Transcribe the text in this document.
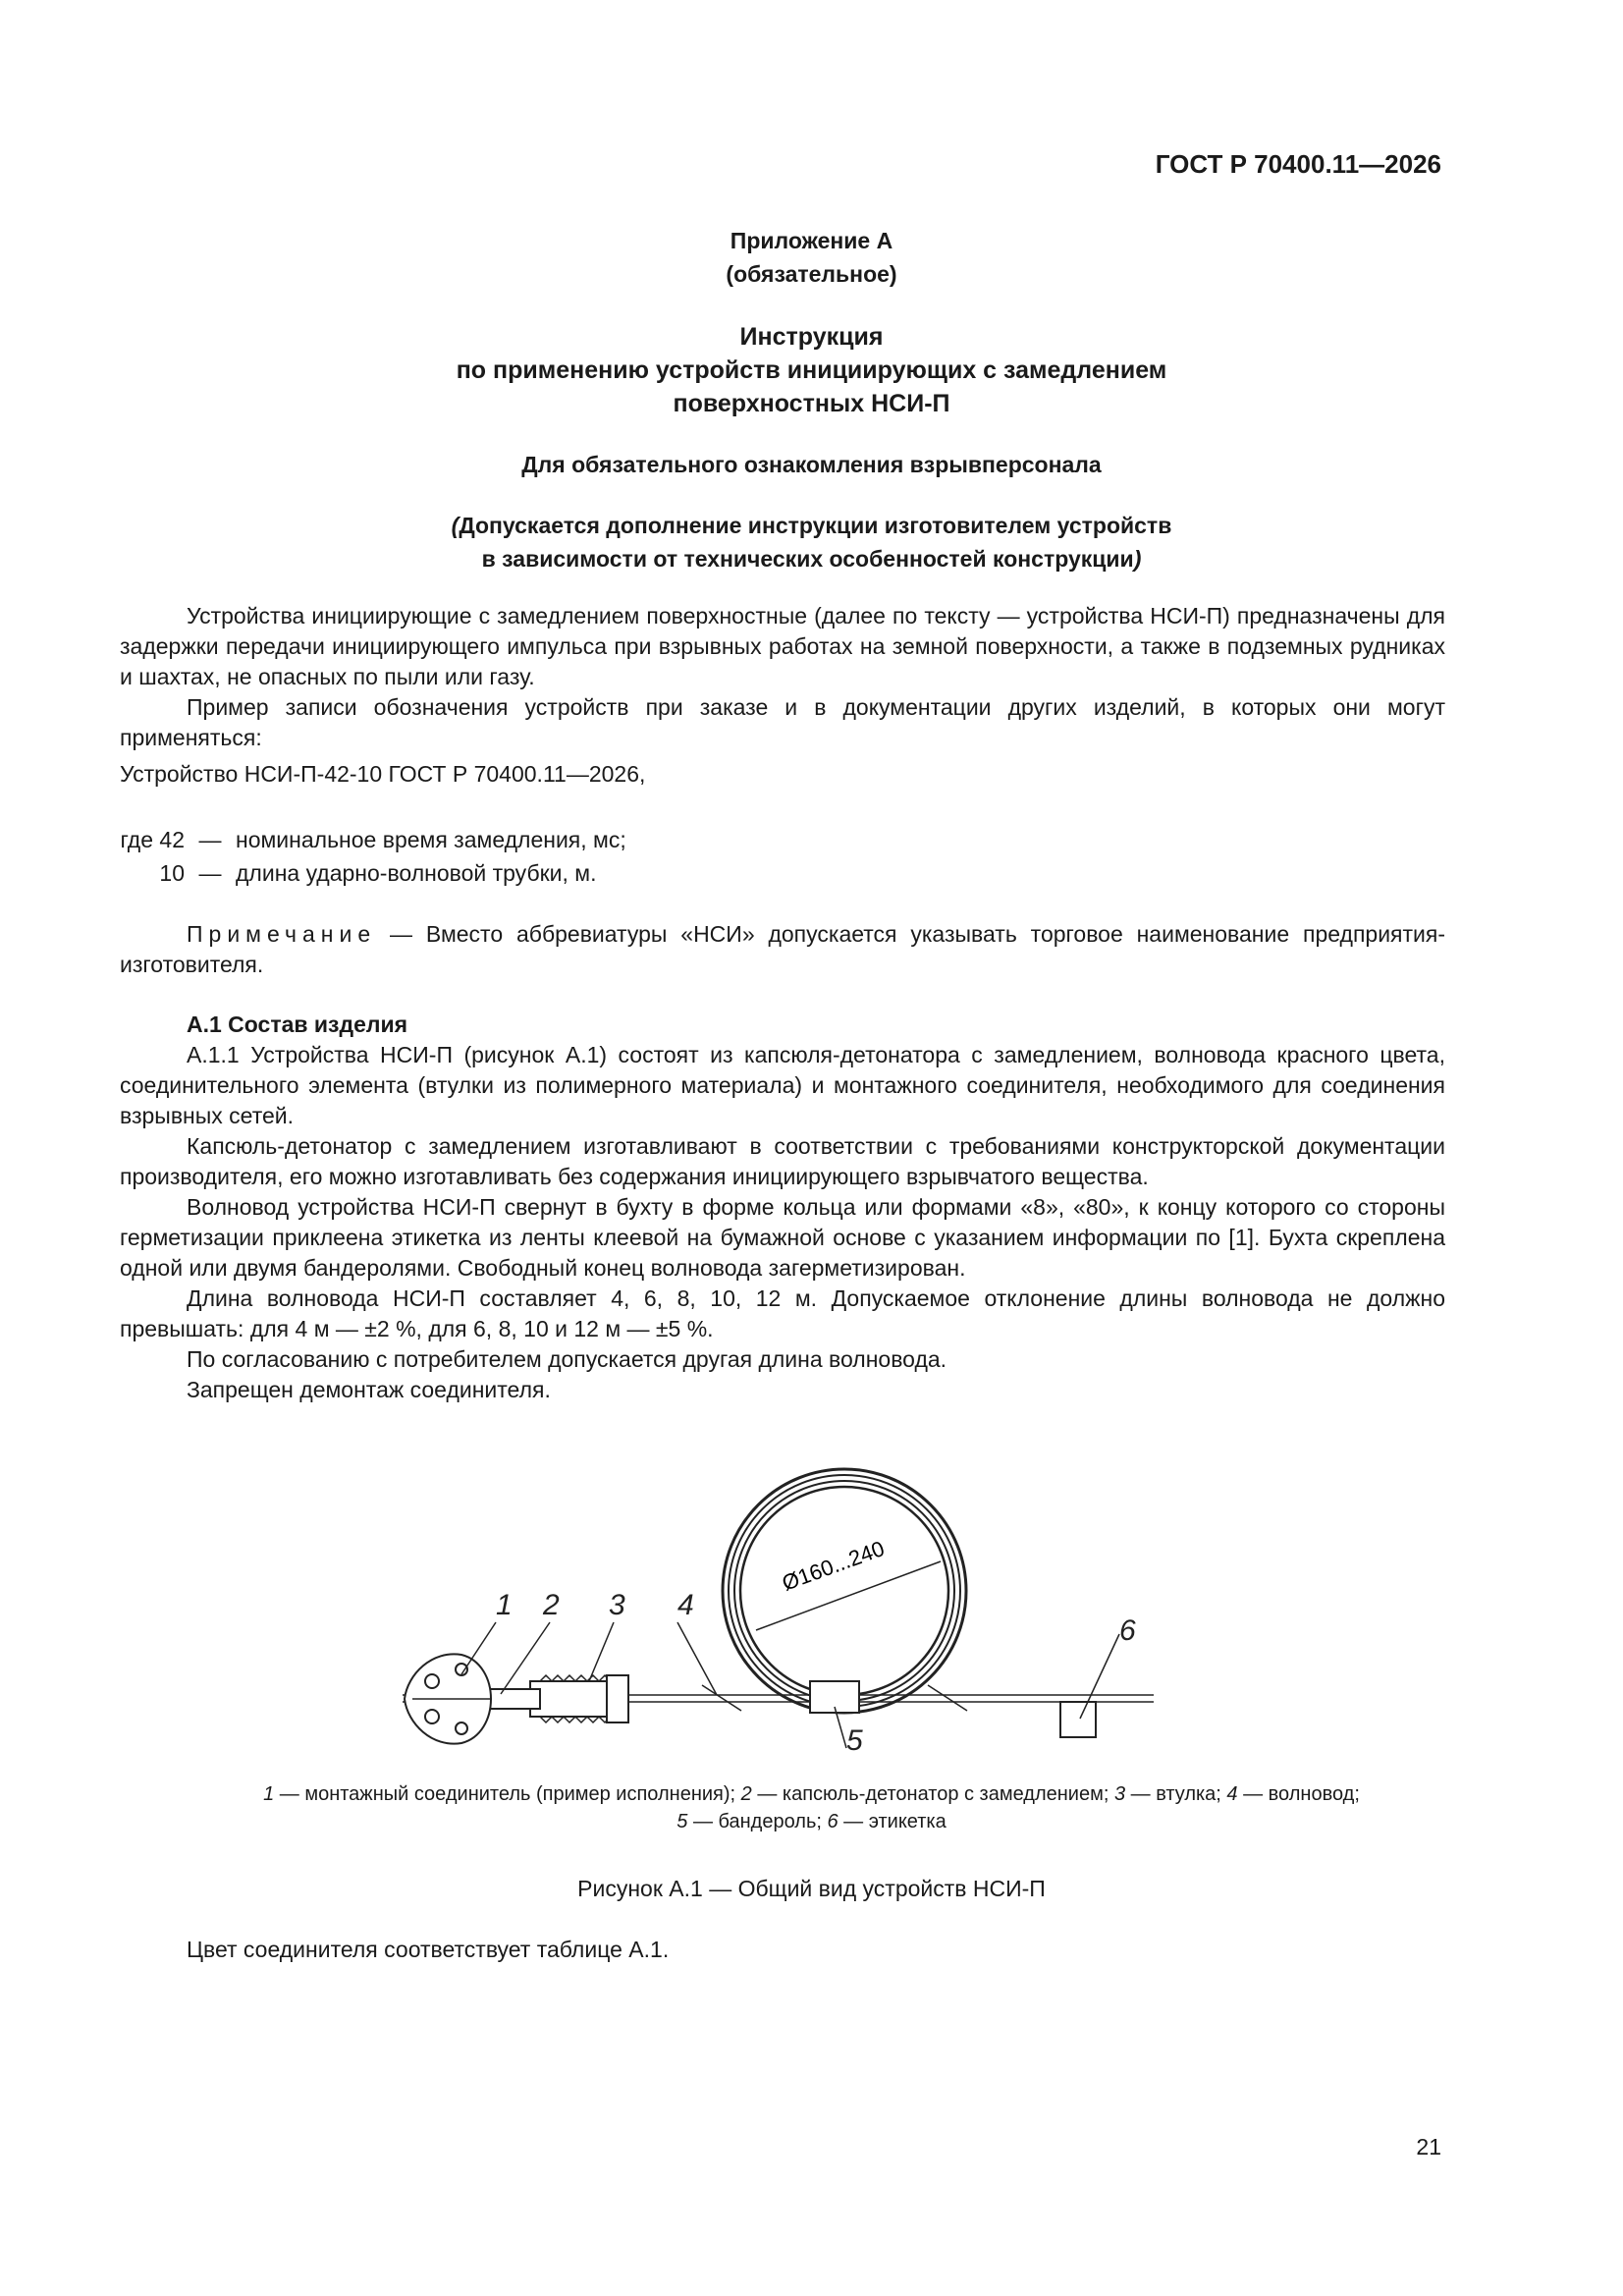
ГОСТ Р 70400.11—2026
Приложение А
(обязательное)
Инструкция
по применению устройств инициирующих с замедлением
поверхностных НСИ-П
Для обязательного ознакомления взрывперсонала
(Допускается дополнение инструкции изготовителем устройств
в зависимости от технических особенностей конструкции)

Устройства инициирующие с замедлением поверхностные (далее по тексту — устройства НСИ-П) предназначены для задержки передачи инициирующего импульса при взрывных работах на земной поверхности, а также в подземных рудниках и шахтах, не опасных по пыли или газу.

Пример записи обозначения устройств при заказе и в документации других изделий, в которых они могут применяться:

Устройство НСИ-П-42-10 ГОСТ Р 70400.11—2026,

где 42 — номинальное время замедления, мс;
10 — длина ударно-волновой трубки, м.

Примечание — Вместо аббревиатуры «НСИ» допускается указывать торговое наименование предприятия-изготовителя.

А.1 Состав изделия

А.1.1 Устройства НСИ-П (рисунок А.1) состоят из капсюля-детонатора с замедлением, волновода красного цвета, соединительного элемента (втулки из полимерного материала) и монтажного соединителя, необходимого для соединения взрывных сетей.

Капсюль-детонатор с замедлением изготавливают в соответствии с требованиями конструкторской документации производителя, его можно изготавливать без содержания инициирующего взрывчатого вещества.

Волновод устройства НСИ-П свернут в бухту в форме кольца или формами «8», «80», к концу которого со стороны герметизации приклеена этикетка из ленты клеевой на бумажной основе с указанием информации по [1]. Бухта скреплена одной или двумя бандеролями. Свободный конец волновода загерметизирован.

Длина волновода НСИ-П составляет 4, 6, 8, 10, 12 м. Допускаемое отклонение длины волновода не должно превышать: для 4 м — ±2 %, для 6, 8, 10 и 12 м — ±5 %.

По согласованию с потребителем допускается другая длина волновода.

Запрещен демонтаж соединителя.

Ø160...240
1 2 3 4
5
6
1 — монтажный соединитель (пример исполнения); 2 — капсюль-детонатор с замедлением; 3 — втулка; 4 — волновод;
5 — бандероль; 6 — этикетка
Рисунок А.1 — Общий вид устройств НСИ-П

Цвет соединителя соответствует таблице А.1.

21
